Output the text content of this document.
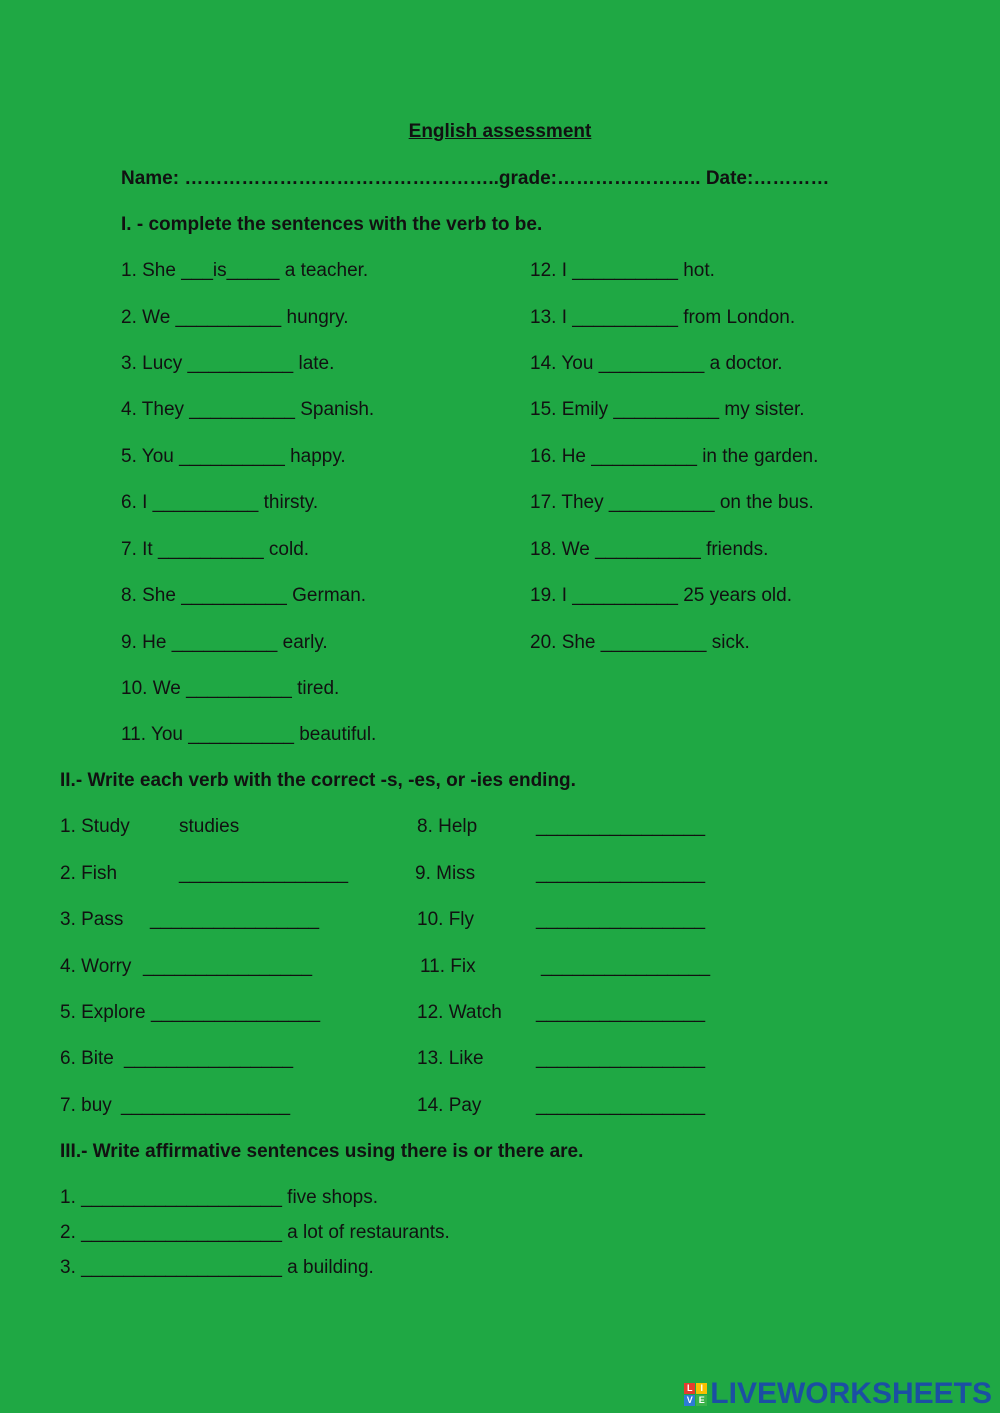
English assessment
Name: …………………………………………..grade:………………….. Date:…………
I. - complete the sentences with the verb to be.
1. She ___is_____ a teacher.
2. We __________ hungry.
3. Lucy __________ late.
4. They __________ Spanish.
5. You __________ happy.
6. I __________ thirsty.
7. It __________ cold.
8. She __________ German.
9. He __________ early.
10. We __________ tired.
11. You __________ beautiful.
12. I __________ hot.
13. I __________ from London.
14. You __________ a doctor.
15. Emily __________ my sister.
16. He __________ in the garden.
17. They __________ on the bus.
18. We __________ friends.
19. I __________ 25 years old.
20. She __________ sick.
II.- Write each verb with the correct -s, -es, or -ies ending.
1. Study	studies
2. Fish	________________
3. Pass ________________
4. Worry ________________
5. Explore ________________
6. Bite ________________
7. buy ________________
8. Help	________________
9. Miss	________________
10. Fly	________________
11. Fix	________________
12. Watch ________________
13. Like	________________
14. Pay	________________
III.- Write affirmative sentences using there is or there are.
1. ___________________ five shops.
2. ___________________ a lot of restaurants.
3. ___________________ a building.
L I
V E LIVEWORKSHEETS
